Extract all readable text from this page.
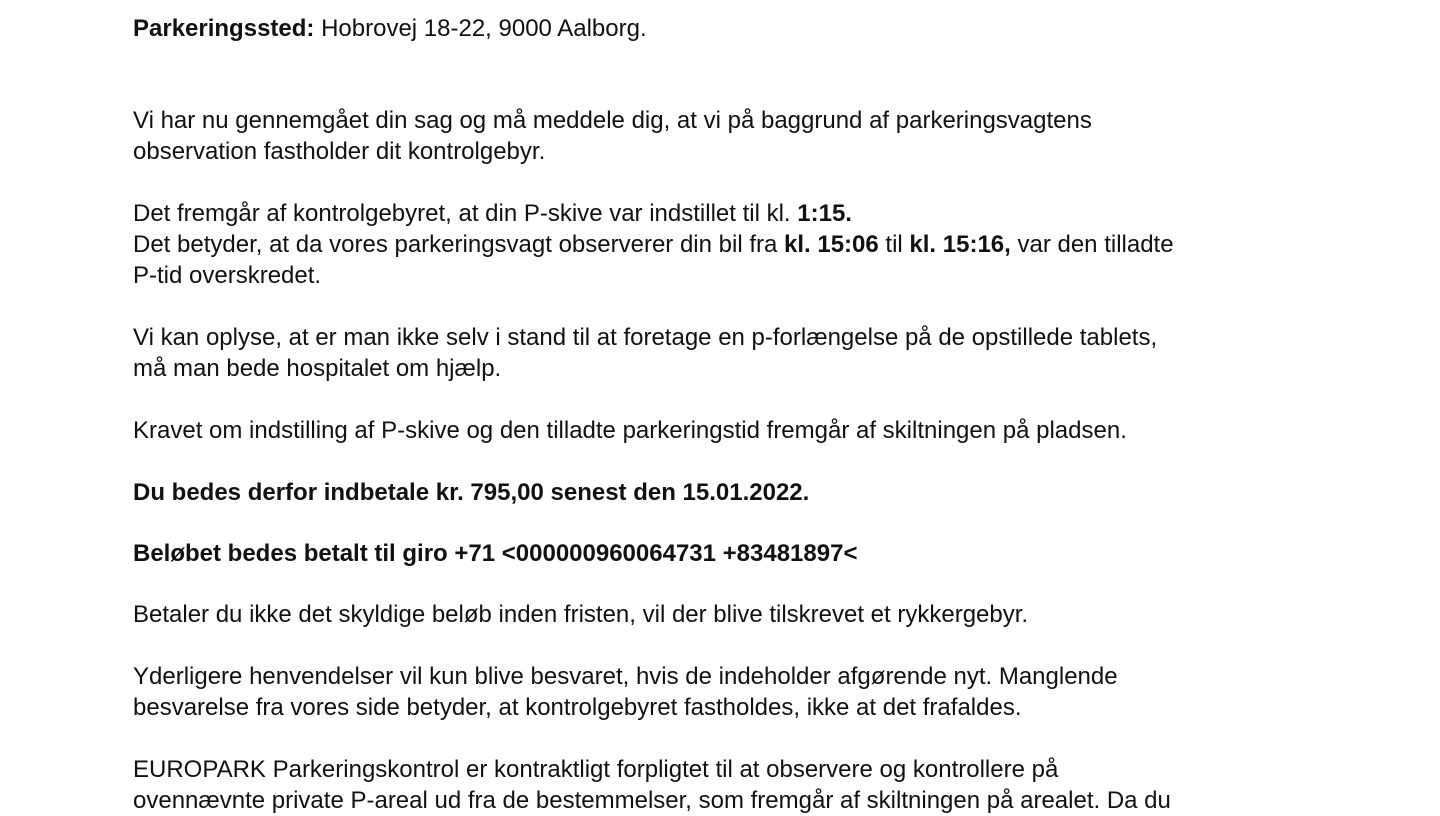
Parkeringssted: Hobrovej 18-22, 9000 Aalborg.
Vi har nu gennemgået din sag og må meddele dig, at vi på baggrund af parkeringsvagtens
observation fastholder dit kontrolgebyr.
Det fremgår af kontrolgebyret, at din P-skive var indstillet til kl. 1:15.
Det betyder, at da vores parkeringsvagt observerer din bil fra kl. 15:06 til kl. 15:16, var den tilladte
P-tid overskredet.
Vi kan oplyse, at er man ikke selv i stand til at foretage en p-forlængelse på de opstillede tablets,
må man bede hospitalet om hjælp.
Kravet om indstilling af P-skive og den tilladte parkeringstid fremgår af skiltningen på pladsen.
Du bedes derfor indbetale kr. 795,00 senest den 15.01.2022.
Beløbet bedes betalt til giro +71 <000000960064731 +83481897<
Betaler du ikke det skyldige beløb inden fristen, vil der blive tilskrevet et rykkergebyr.
Yderligere henvendelser vil kun blive besvaret, hvis de indeholder afgørende nyt. Manglende
besvarelse fra vores side betyder, at kontrolgebyret fastholdes, ikke at det frafaldes.
EUROPARK Parkeringskontrol er kontraktligt forpligtet til at observere og kontrollere på
ovennævnte private P-areal ud fra de bestemmelser, som fremgår af skiltningen på arealet. Da du
